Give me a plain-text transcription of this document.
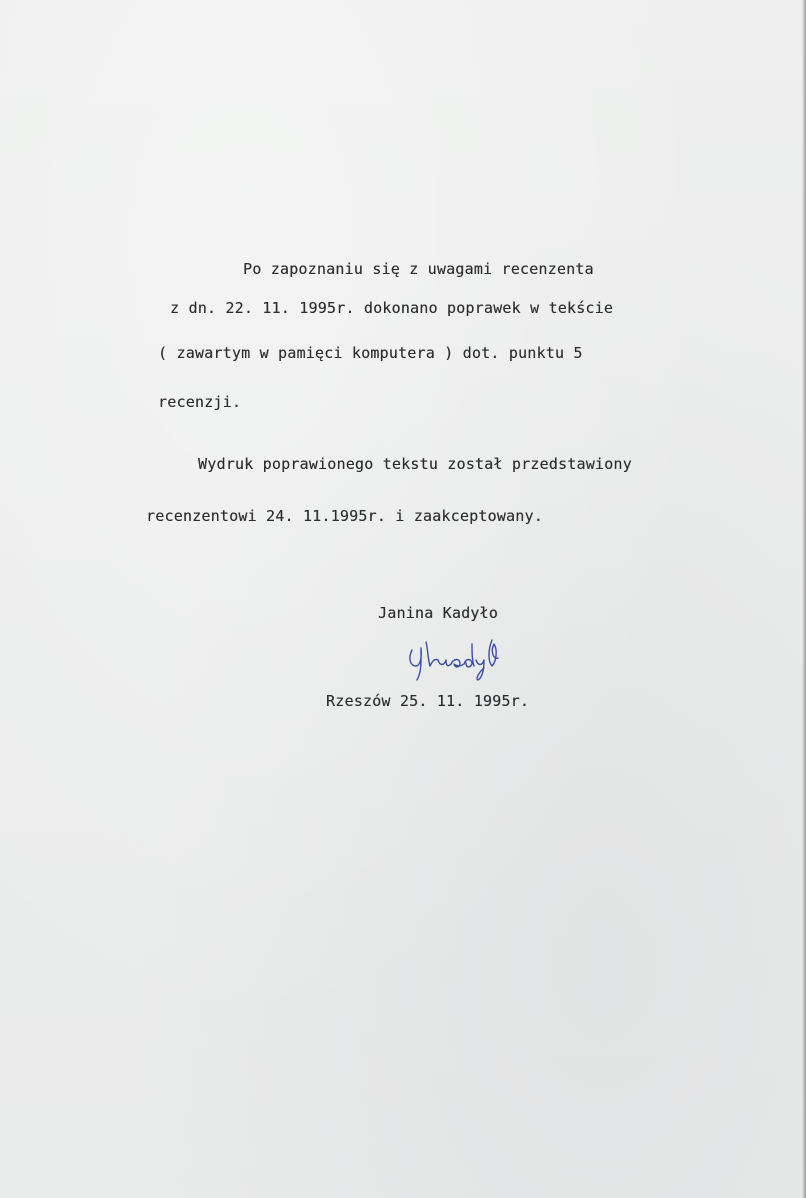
Po zapoznaniu się z uwagami recenzenta

z dn. 22. 11. 1995r. dokonano poprawek w tekście

( zawartym w pamięci komputera ) dot. punktu 5

recenzji.

Wydruk poprawionego tekstu został przedstawiony

recenzentowi 24. 11.1995r. i zaakceptowany.

Janina Kadyło

Rzeszów 25. 11. 1995r.
